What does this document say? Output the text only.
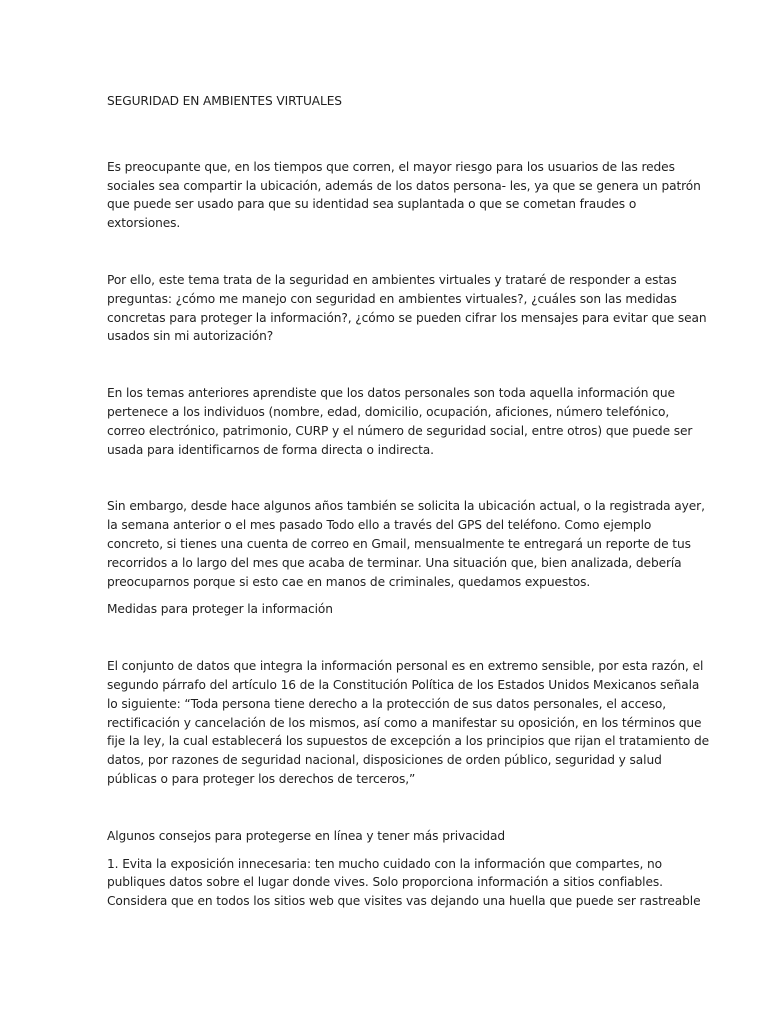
SEGURIDAD EN AMBIENTES VIRTUALES
Es preocupante que, en los tiempos que corren, el mayor riesgo para los usuarios de las redes
sociales sea compartir la ubicación, además de los datos persona- les, ya que se genera un patrón
que puede ser usado para que su identidad sea suplantada o que se cometan fraudes o
extorsiones.
Por ello, este tema trata de la seguridad en ambientes virtuales y trataré de responder a estas
preguntas: ¿cómo me manejo con seguridad en ambientes virtuales?, ¿cuáles son las medidas
concretas para proteger la información?, ¿cómo se pueden cifrar los mensajes para evitar que sean
usados sin mi autorización?
En los temas anteriores aprendiste que los datos personales son toda aquella información que
pertenece a los individuos (nombre, edad, domicilio, ocupación, aficiones, número telefónico,
correo electrónico, patrimonio, CURP y el número de seguridad social, entre otros) que puede ser
usada para identificarnos de forma directa o indirecta.
Sin embargo, desde hace algunos años también se solicita la ubicación actual, o la registrada ayer,
la semana anterior o el mes pasado Todo ello a través del GPS del teléfono. Como ejemplo
concreto, si tienes una cuenta de correo en Gmail, mensualmente te entregará un reporte de tus
recorridos a lo largo del mes que acaba de terminar. Una situación que, bien analizada, debería
preocuparnos porque si esto cae en manos de criminales, quedamos expuestos.
Medidas para proteger la información
El conjunto de datos que integra la información personal es en extremo sensible, por esta razón, el
segundo párrafo del artículo 16 de la Constitución Política de los Estados Unidos Mexicanos señala
lo siguiente: “Toda persona tiene derecho a la protección de sus datos personales, el acceso,
rectificación y cancelación de los mismos, así como a manifestar su oposición, en los términos que
fije la ley, la cual establecerá los supuestos de excepción a los principios que rijan el tratamiento de
datos, por razones de seguridad nacional, disposiciones de orden público, seguridad y salud
públicas o para proteger los derechos de terceros,”
Algunos consejos para protegerse en línea y tener más privacidad
1. Evita la exposición innecesaria: ten mucho cuidado con la información que compartes, no
publiques datos sobre el lugar donde vives. Solo proporciona información a sitios confiables.
Considera que en todos los sitios web que visites vas dejando una huella que puede ser rastreable
